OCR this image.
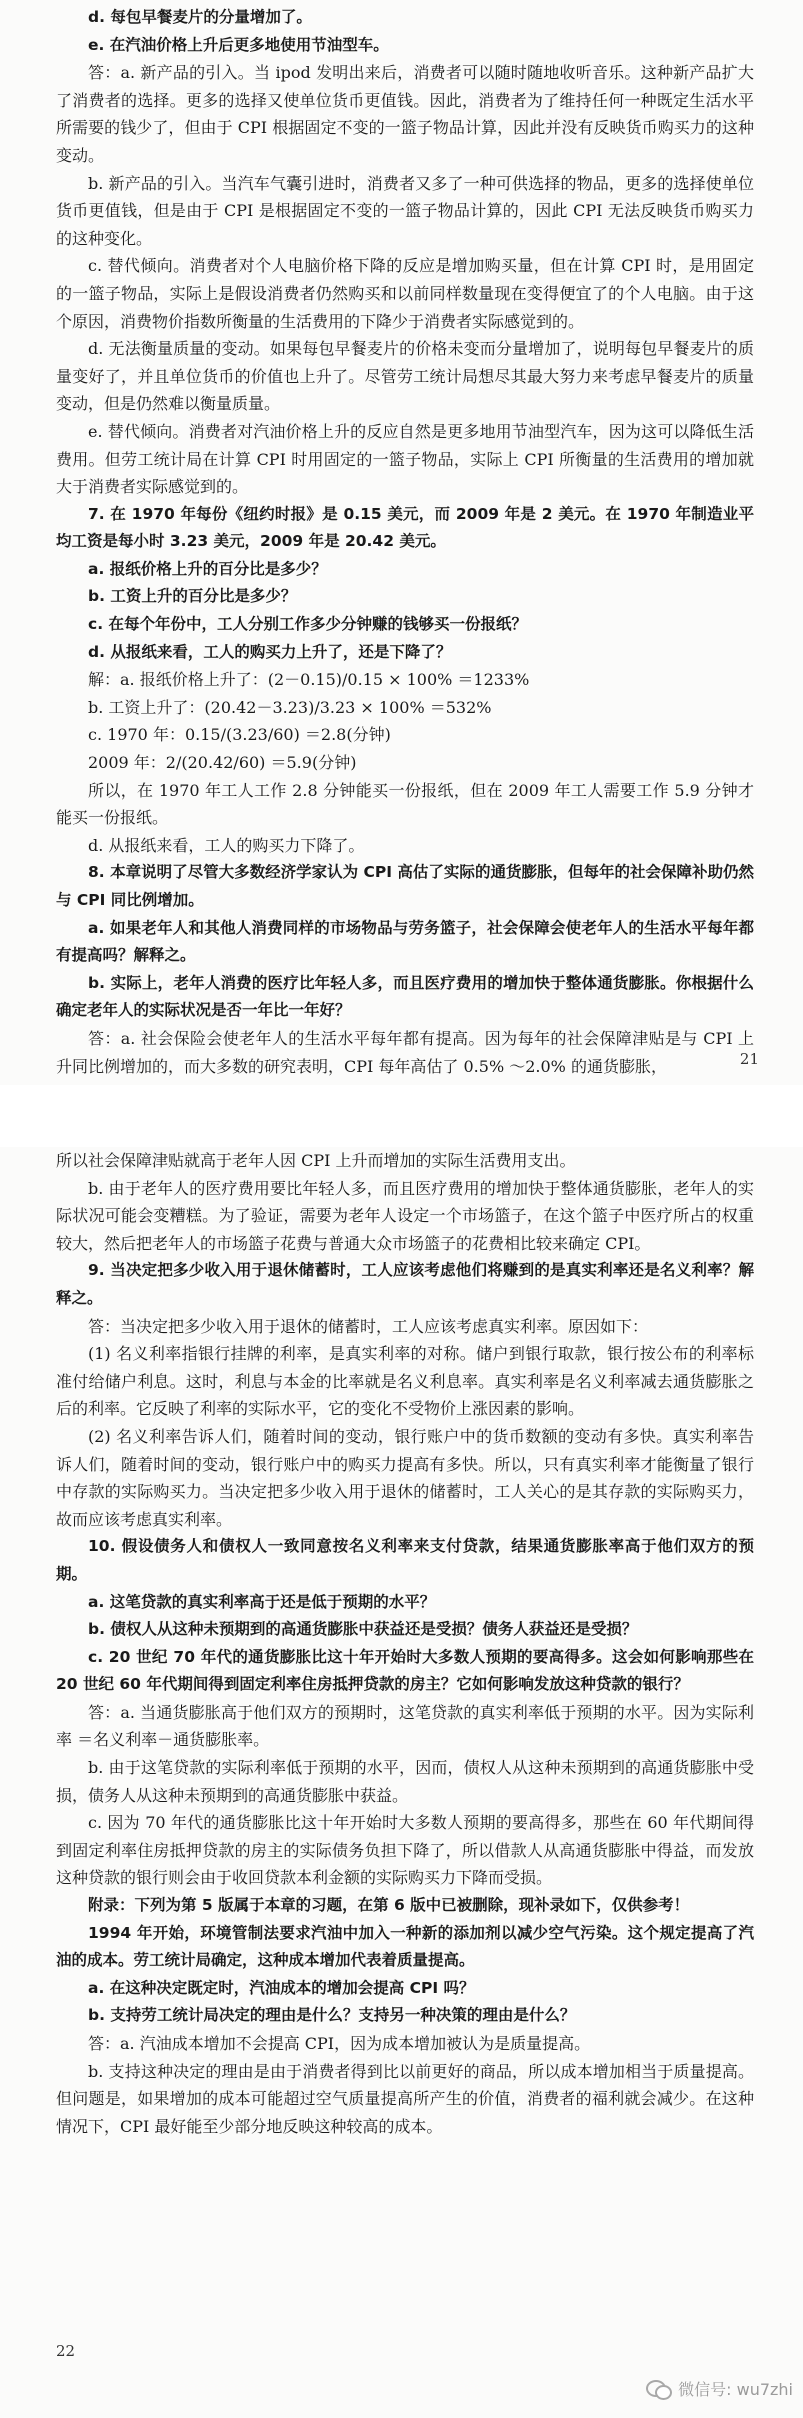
d. 每包早餐麦片的分量增加了。

e. 在汽油价格上升后更多地使用节油型车。

答：a. 新产品的引入。当 ipod 发明出来后，消费者可以随时随地收听音乐。这种新产品扩大了消费者的选择。更多的选择又使单位货币更值钱。因此，消费者为了维持任何一种既定生活水平所需要的钱少了，但由于 CPI 根据固定不变的一篮子物品计算，因此并没有反映货币购买力的这种变动。

b. 新产品的引入。当汽车气囊引进时，消费者又多了一种可供选择的物品，更多的选择使单位货币更值钱，但是由于 CPI 是根据固定不变的一篮子物品计算的，因此 CPI 无法反映货币购买力的这种变化。

c. 替代倾向。消费者对个人电脑价格下降的反应是增加购买量，但在计算 CPI 时，是用固定的一篮子物品，实际上是假设消费者仍然购买和以前同样数量现在变得便宜了的个人电脑。由于这个原因，消费物价指数所衡量的生活费用的下降少于消费者实际感觉到的。

d. 无法衡量质量的变动。如果每包早餐麦片的价格未变而分量增加了，说明每包早餐麦片的质量变好了，并且单位货币的价值也上升了。尽管劳工统计局想尽其最大努力来考虑早餐麦片的质量变动，但是仍然难以衡量质量。

e. 替代倾向。消费者对汽油价格上升的反应自然是更多地用节油型汽车，因为这可以降低生活费用。但劳工统计局在计算 CPI 时用固定的一篮子物品，实际上 CPI 所衡量的生活费用的增加就大于消费者实际感觉到的。

7. 在 1970 年每份《纽约时报》是 0.15 美元，而 2009 年是 2 美元。在 1970 年制造业平均工资是每小时 3.23 美元，2009 年是 20.42 美元。

a. 报纸价格上升的百分比是多少？

b. 工资上升的百分比是多少？

c. 在每个年份中，工人分别工作多少分钟赚的钱够买一份报纸？

d. 从报纸来看，工人的购买力上升了，还是下降了？

解：a. 报纸价格上升了：(2－0.15)/0.15 × 100% ＝1233%

b. 工资上升了：(20.42－3.23)/3.23 × 100% ＝532%

c. 1970 年：0.15/(3.23/60) ＝2.8(分钟)

2009 年：2/(20.42/60) ＝5.9(分钟)

所以，在 1970 年工人工作 2.8 分钟能买一份报纸，但在 2009 年工人需要工作 5.9 分钟才能买一份报纸。

d. 从报纸来看，工人的购买力下降了。

8. 本章说明了尽管大多数经济学家认为 CPI 高估了实际的通货膨胀，但每年的社会保障补助仍然与 CPI 同比例增加。

a. 如果老年人和其他人消费同样的市场物品与劳务篮子，社会保障会使老年人的生活水平每年都有提高吗？解释之。

b. 实际上，老年人消费的医疗比年轻人多，而且医疗费用的增加快于整体通货膨胀。你根据什么确定老年人的实际状况是否一年比一年好？

答：a. 社会保险会使老年人的生活水平每年都有提高。因为每年的社会保障津贴是与 CPI 上升同比例增加的，而大多数的研究表明，CPI 每年高估了 0.5% ～2.0% 的通货膨胀，	21

所以社会保障津贴就高于老年人因 CPI 上升而增加的实际生活费用支出。

b. 由于老年人的医疗费用要比年轻人多，而且医疗费用的增加快于整体通货膨胀，老年人的实际状况可能会变糟糕。为了验证，需要为老年人设定一个市场篮子，在这个篮子中医疗所占的权重较大，然后把老年人的市场篮子花费与普通大众市场篮子的花费相比较来确定 CPI。

9. 当决定把多少收入用于退休储蓄时，工人应该考虑他们将赚到的是真实利率还是名义利率？解释之。

答：当决定把多少收入用于退休的储蓄时，工人应该考虑真实利率。原因如下：

(1) 名义利率指银行挂牌的利率，是真实利率的对称。储户到银行取款，银行按公布的利率标准付给储户利息。这时，利息与本金的比率就是名义利息率。真实利率是名义利率减去通货膨胀之后的利率。它反映了利率的实际水平，它的变化不受物价上涨因素的影响。

(2) 名义利率告诉人们，随着时间的变动，银行账户中的货币数额的变动有多快。真实利率告诉人们，随着时间的变动，银行账户中的购买力提高有多快。所以，只有真实利率才能衡量了银行中存款的实际购买力。当决定把多少收入用于退休的储蓄时，工人关心的是其存款的实际购买力，故而应该考虑真实利率。

10. 假设债务人和债权人一致同意按名义利率来支付贷款，结果通货膨胀率高于他们双方的预期。

a. 这笔贷款的真实利率高于还是低于预期的水平？

b. 债权人从这种未预期到的高通货膨胀中获益还是受损？债务人获益还是受损？

c. 20 世纪 70 年代的通货膨胀比这十年开始时大多数人预期的要高得多。这会如何影响那些在 20 世纪 60 年代期间得到固定利率住房抵押贷款的房主？它如何影响发放这种贷款的银行？

答：a. 当通货膨胀高于他们双方的预期时，这笔贷款的真实利率低于预期的水平。因为实际利率 ＝名义利率－通货膨胀率。

b. 由于这笔贷款的实际利率低于预期的水平，因而，债权人从这种未预期到的高通货膨胀中受损，债务人从这种未预期到的高通货膨胀中获益。

c. 因为 70 年代的通货膨胀比这十年开始时大多数人预期的要高得多，那些在 60 年代期间得到固定利率住房抵押贷款的房主的实际债务负担下降了，所以借款人从高通货膨胀中得益，而发放这种贷款的银行则会由于收回贷款本利金额的实际购买力下降而受损。

附录：下列为第 5 版属于本章的习题，在第 6 版中已被删除，现补录如下，仅供参考！

1994 年开始，环境管制法要求汽油中加入一种新的添加剂以减少空气污染。这个规定提高了汽油的成本。劳工统计局确定，这种成本增加代表着质量提高。

a. 在这种决定既定时，汽油成本的增加会提高 CPI 吗？

b. 支持劳工统计局决定的理由是什么？支持另一种决策的理由是什么？

答：a. 汽油成本增加不会提高 CPI，因为成本增加被认为是质量提高。

b. 支持这种决定的理由是由于消费者得到比以前更好的商品，所以成本增加相当于质量提高。但问题是，如果增加的成本可能超过空气质量提高所产生的价值，消费者的福利就会减少。在这种情况下，CPI 最好能至少部分地反映这种较高的成本。

22
微信号: wu7zhi
